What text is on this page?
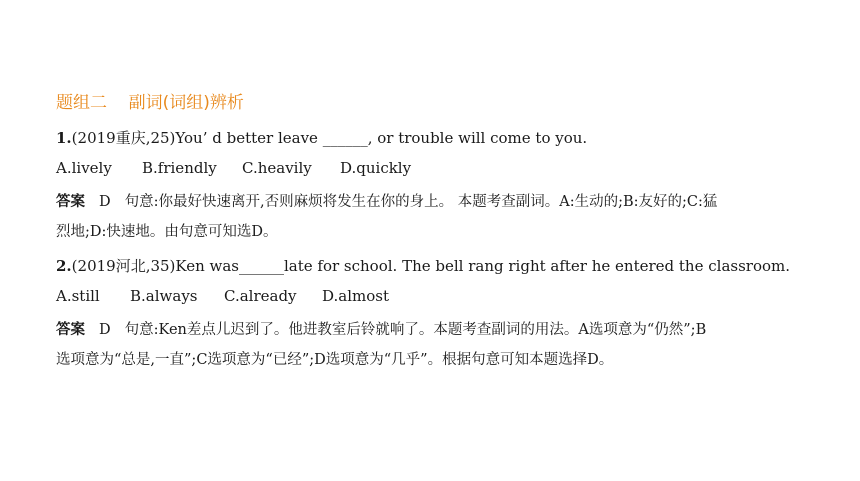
题组二    副词(词组)辨析
1.(2019重庆,25)You’ d better leave ______, or trouble will come to you.
A.lively B.friendly C.heavily D.quickly
答案 D 句意:你最好快速离开,否则麻烦将发生在你的身上。 本题考查副词。A:生动的;B:友好的;C:猛
烈地;D:快速地。由句意可知选D。
2.(2019河北,35)Ken was______late for school. The bell rang right after he entered the classroom.
A.still B.always C.already D.almost
答案 D 句意:Ken差点儿迟到了。他进教室后铃就响了。本题考查副词的用法。A选项意为“仍然”;B
选项意为“总是,一直”;C选项意为“已经”;D选项意为“几乎”。根据句意可知本题选择D。
